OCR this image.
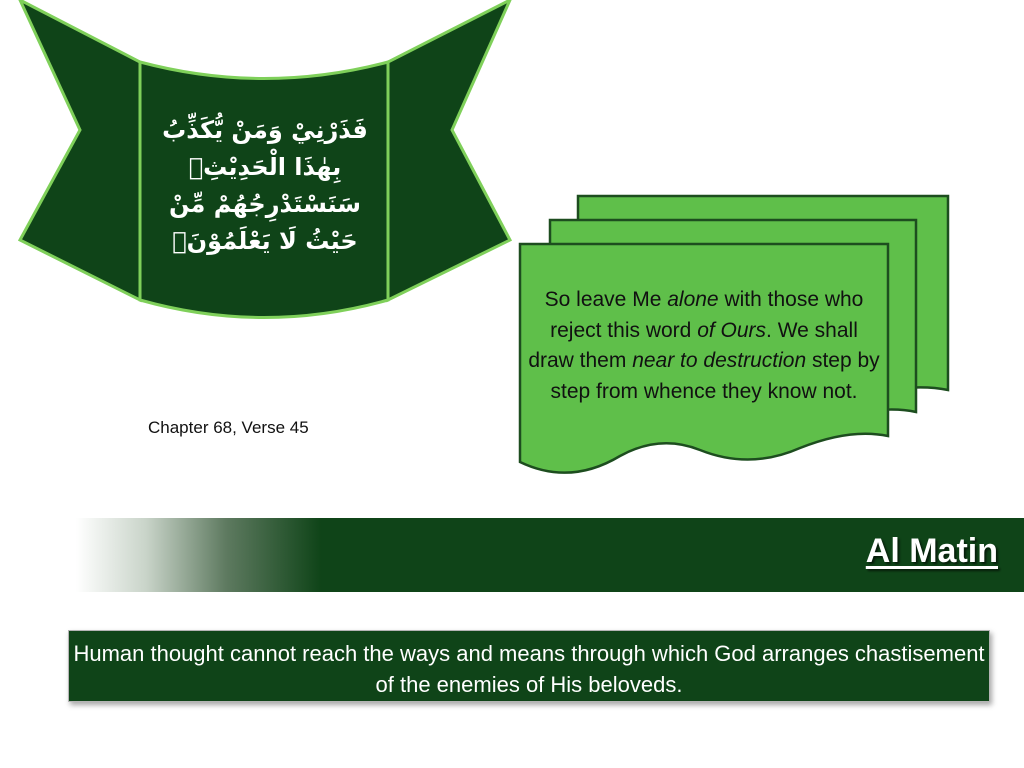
فَذَرْنِيْ وَمَنْ يُّكَذِّبُ
بِهٰذَا الْحَدِيْثِۗ
سَنَسْتَدْرِجُهُمْ مِّنْ
حَيْثُ لَا يَعْلَمُوْنَۙ
Chapter 68, Verse 45
So leave Me alone with those who reject this word of Ours. We shall draw them near to destruction step by step from whence they know not.
Al Matin
Human thought cannot reach the ways and means through which God arranges chastisement of the enemies of His beloveds.
